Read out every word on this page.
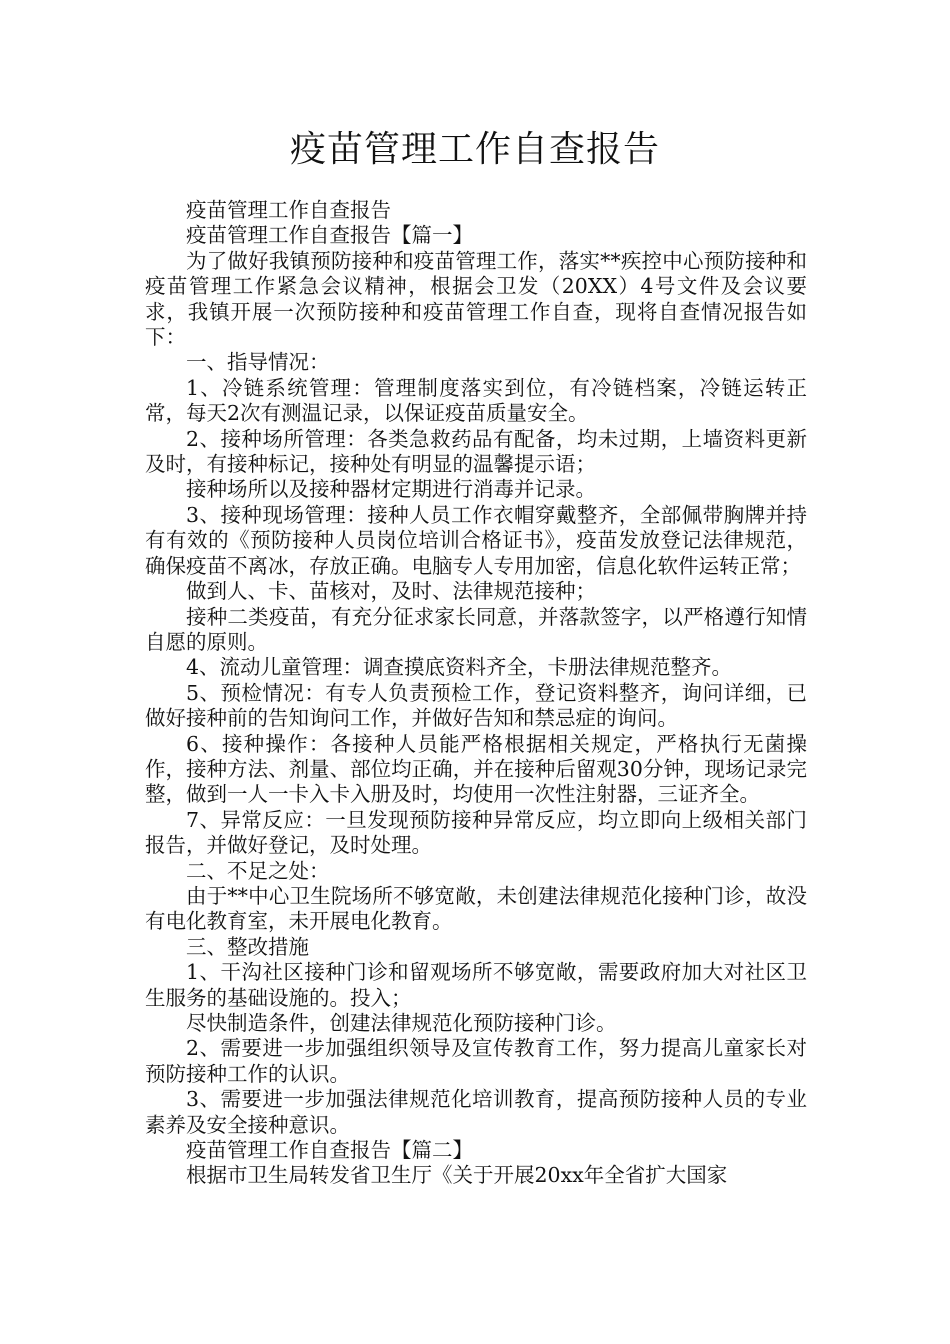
疫苗管理工作自查报告

疫苗管理工作自查报告

疫苗管理工作自查报告【篇一】

为了做好我镇预防接种和疫苗管理工作，落实**疾控中心预防接种和疫苗管理工作紧急会议精神，根据会卫发（20XX）4号文件及会议要求，我镇开展一次预防接种和疫苗管理工作自查，现将自查情况报告如下：

一、指导情况：

1、冷链系统管理：管理制度落实到位，有冷链档案，冷链运转正常，每天2次有测温记录，以保证疫苗质量安全。

2、接种场所管理：各类急救药品有配备，均未过期，上墙资料更新及时，有接种标记，接种处有明显的温馨提示语；

接种场所以及接种器材定期进行消毒并记录。

3、接种现场管理：接种人员工作衣帽穿戴整齐，全部佩带胸牌并持有有效的《预防接种人员岗位培训合格证书》，疫苗发放登记法律规范，确保疫苗不离冰，存放正确。电脑专人专用加密，信息化软件运转正常；

做到人、卡、苗核对，及时、法律规范接种；

接种二类疫苗，有充分征求家长同意，并落款签字，以严格遵行知情自愿的原则。

4、流动儿童管理：调查摸底资料齐全，卡册法律规范整齐。

5、预检情况：有专人负责预检工作，登记资料整齐，询问详细，已做好接种前的告知询问工作，并做好告知和禁忌症的询问。

6、接种操作：各接种人员能严格根据相关规定，严格执行无菌操作，接种方法、剂量、部位均正确，并在接种后留观30分钟，现场记录完整，做到一人一卡入卡入册及时，均使用一次性注射器，三证齐全。

7、异常反应：一旦发现预防接种异常反应，均立即向上级相关部门报告，并做好登记，及时处理。

二、不足之处：

由于**中心卫生院场所不够宽敞，未创建法律规范化接种门诊，故没有电化教育室，未开展电化教育。

三、整改措施

1、干沟社区接种门诊和留观场所不够宽敞，需要政府加大对社区卫生服务的基础设施的。投入；

尽快制造条件，创建法律规范化预防接种门诊。

2、需要进一步加强组织领导及宣传教育工作，努力提高儿童家长对预防接种工作的认识。

3、需要进一步加强法律规范化培训教育，提高预防接种人员的专业素养及安全接种意识。

疫苗管理工作自查报告【篇二】

根据市卫生局转发省卫生厅《关于开展20xx年全省扩大国家
